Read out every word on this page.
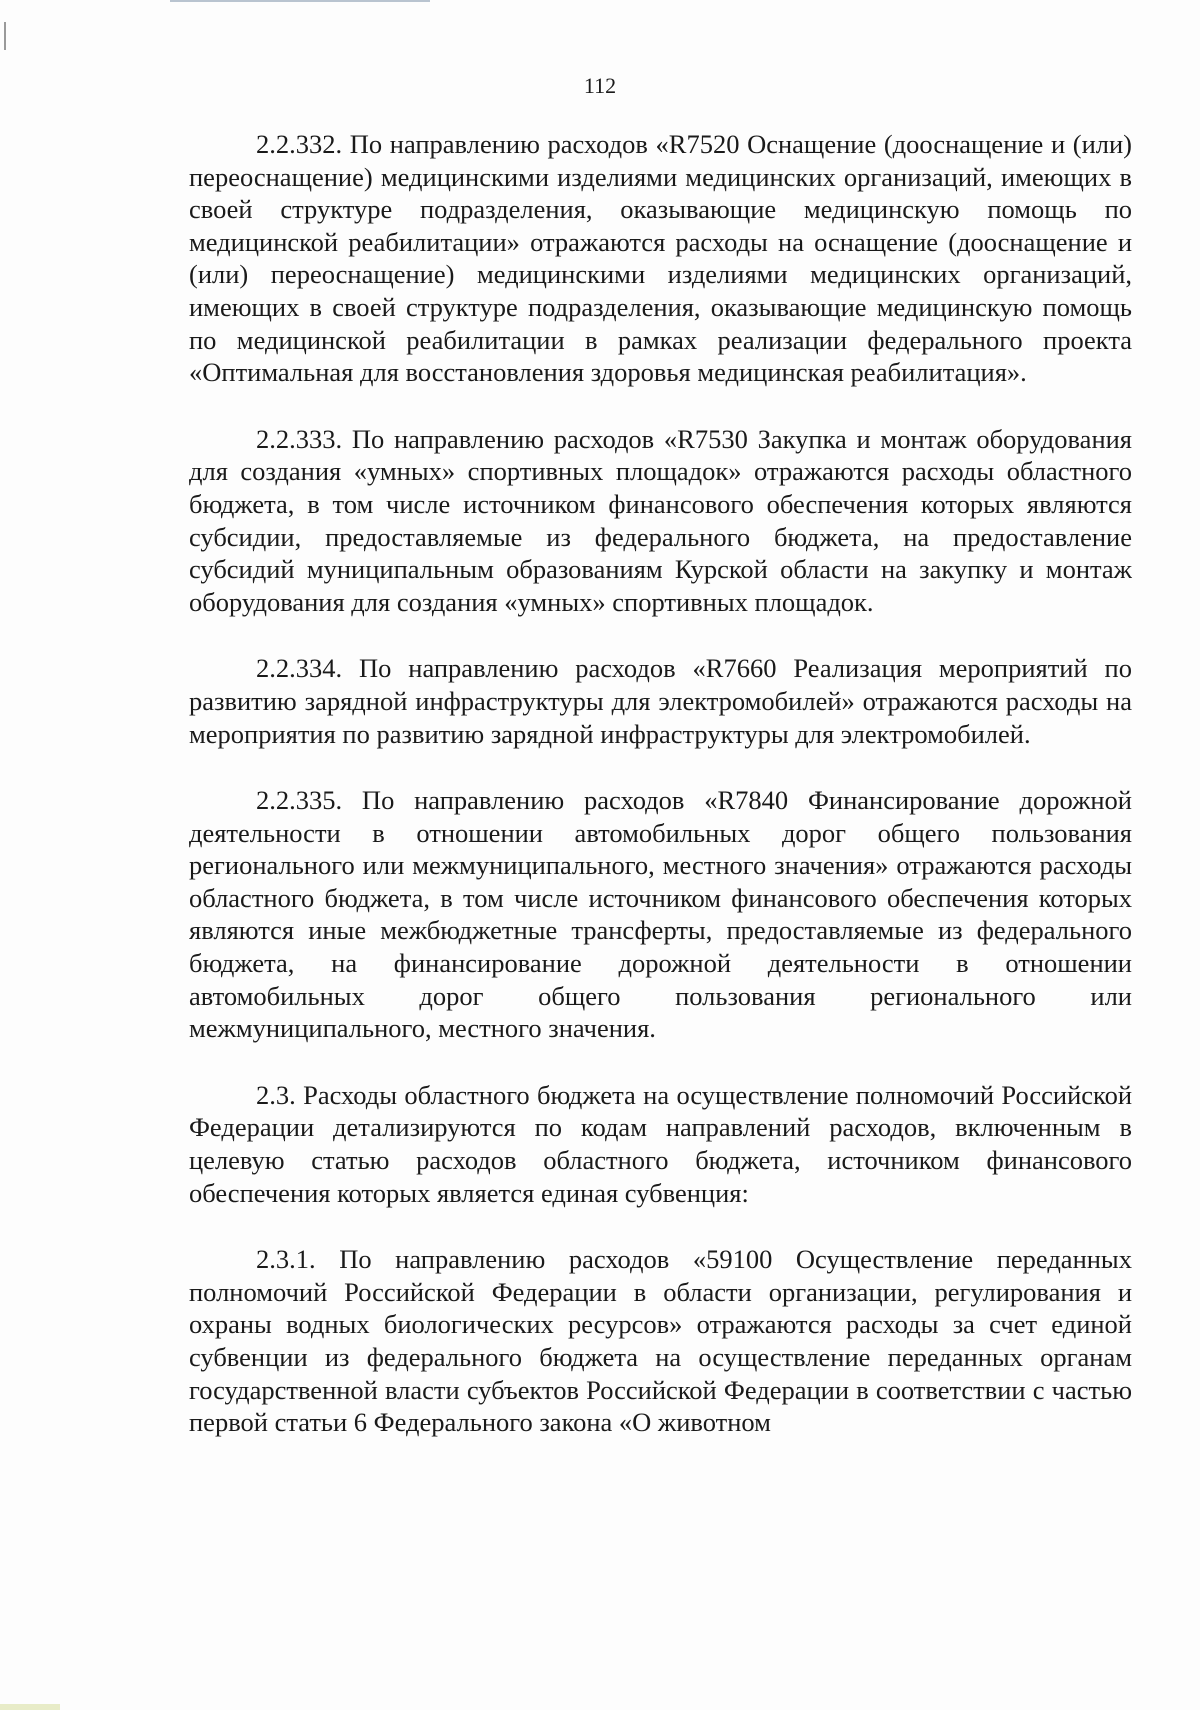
112

2.2.332. По направлению расходов «R7520 Оснащение (дооснащение и (или) переоснащение) медицинскими изделиями медицинских организаций, имеющих в своей структуре подразделения, оказывающие медицинскую помощь по медицинской реабилитации» отражаются расходы на оснащение (дооснащение и (или) переоснащение) медицинскими изделиями медицинских организаций, имеющих в своей структуре подразделения, оказывающие медицинскую помощь по медицинской реабилитации в рамках реализации федерального проекта «Оптимальная для восстановления здоровья медицинская реабилитация».

2.2.333. По направлению расходов «R7530 Закупка и монтаж оборудования для создания «умных» спортивных площадок» отражаются расходы областного бюджета, в том числе источником финансового обеспечения которых являются субсидии, предоставляемые из федерального бюджета, на предоставление субсидий муниципальным образованиям Курской области на закупку и монтаж оборудования для создания «умных» спортивных площадок.

2.2.334. По направлению расходов «R7660 Реализация мероприятий по развитию зарядной инфраструктуры для электромобилей» отражаются расходы на мероприятия по развитию зарядной инфраструктуры для электромобилей.

2.2.335. По направлению расходов «R7840 Финансирование дорожной деятельности в отношении автомобильных дорог общего пользования регионального или межмуниципального, местного значения» отражаются расходы областного бюджета, в том числе источником финансового обеспечения которых являются иные межбюджетные трансферты, предоставляемые из федерального бюджета, на финансирование дорожной деятельности в отношении автомобильных дорог общего пользования регионального или межмуниципального, местного значения.

2.3. Расходы областного бюджета на осуществление полномочий Российской Федерации детализируются по кодам направлений расходов, включенным в целевую статью расходов областного бюджета, источником финансового обеспечения которых является единая субвенция:

2.3.1. По направлению расходов «59100 Осуществление переданных полномочий Российской Федерации в области организации, регулирования и охраны водных биологических ресурсов» отражаются расходы за счет единой субвенции из федерального бюджета на осуществление переданных органам государственной власти субъектов Российской Федерации в соответствии с частью первой статьи 6 Федерального закона «О животном
